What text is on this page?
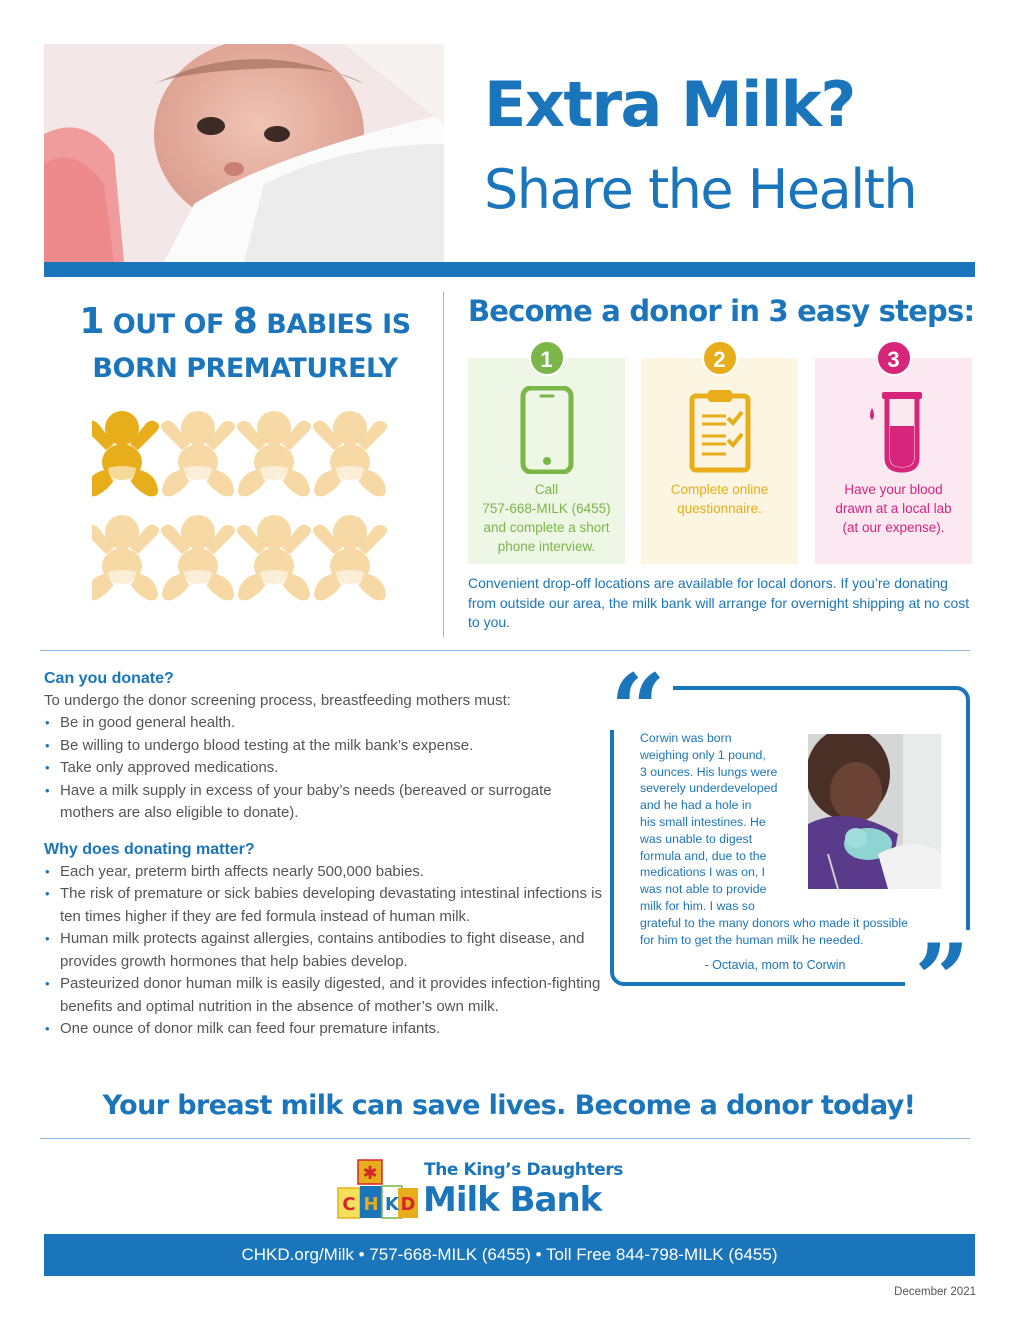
Extra Milk?
Share the Health
1 OUT OF 8 BABIES IS
BORN PREMATURELY
Become a donor in 3 easy steps:
1
Call
757-668-MILK (6455)
and complete a short
phone interview.
2
Complete online
questionnaire.
3
Have your blood
drawn at a local lab
(at our expense).
Convenient drop-off locations are available for local donors. If you’re donating from outside our area, the milk bank will arrange for overnight shipping at no cost to you.
Can you donate?
To undergo the donor screening process, breastfeeding mothers must:
• Be in good general health.
• Be willing to undergo blood testing at the milk bank’s expense.
• Take only approved medications.
• Have a milk supply in excess of your baby’s needs (bereaved or surrogate mothers are also eligible to donate).
Why does donating matter?
• Each year, preterm birth affects nearly 500,000 babies.
• The risk of premature or sick babies developing devastating intestinal infections is ten times higher if they are fed formula instead of human milk.
• Human milk protects against allergies, contains antibodies to fight disease, and provides growth hormones that help babies develop.
• Pasteurized donor human milk is easily digested, and it provides infection-fighting benefits and optimal nutrition in the absence of mother’s own milk.
• One ounce of donor milk can feed four premature infants.
“
”
Corwin was born
weighing only 1 pound,
3 ounces. His lungs were
severely underdeveloped
and he had a hole in
his small intestines. He
was unable to digest
formula and, due to the
medications I was on, I
was not able to provide
milk for him. I was so
grateful to the many donors who made it possible
for him to get the human milk he needed.
- Octavia, mom to Corwin
Your breast milk can save lives. Become a donor today!
✱
C H K D
The King’s Daughters
Milk Bank
CHKD.org/Milk • 757-668-MILK (6455) • Toll Free 844-798-MILK (6455)
December 2021
